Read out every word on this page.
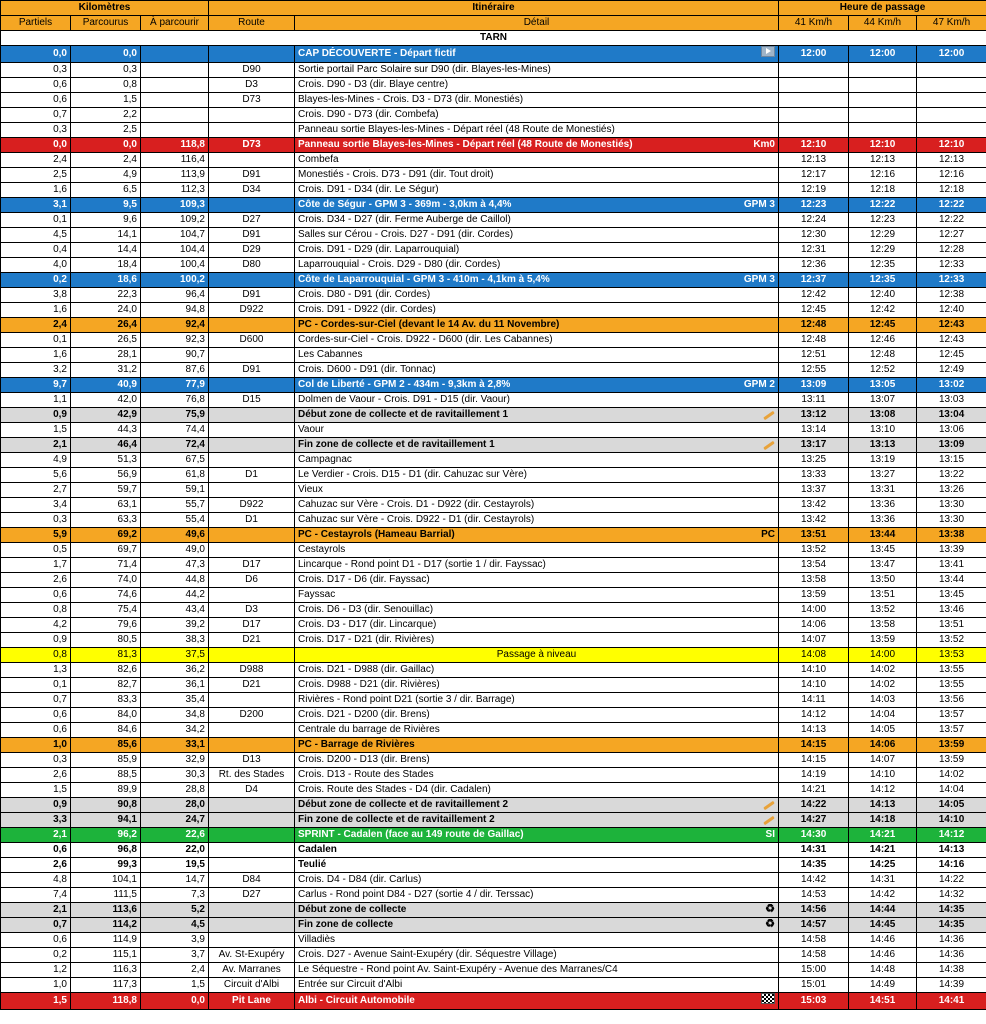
Kilomètres			Itinéraire		Heure de passage		
Partiels	Parcourus	À parcourir	Route	Détail	41 Km/h	44 Km/h	47 Km/h
TARN							
0,0	0,0			CAP DÉCOUVERTE - Départ fictif	12:00	12:00	12:00
0,3	0,3		D90	Sortie portail Parc Solaire sur D90 (dir. Blayes-les-Mines)			

0,6	0,8		D3	Crois. D90 - D3 (dir. Blaye centre)			

0,6	1,5		D73	Blayes-les-Mines - Crois. D3 - D73 (dir. Monestiés)			

0,7	2,2			Crois. D90 - D73 (dir. Combefa)			

0,3	2,5			Panneau sortie Blayes-les-Mines - Départ réel (48 Route de Monestiés)			

0,0	0,0	118,8	D73	Panneau sortie Blayes-les-Mines - Départ réel (48 Route de Monestiés) Km0	12:10	12:10	12:10
2,4	2,4	116,4		Combefa	12:13	12:13	12:13
2,5	4,9	113,9	D91	Monestiés - Crois. D73 - D91 (dir. Tout droit)	12:17	12:16	12:16
1,6	6,5	112,3	D34	Crois. D91 - D34 (dir. Le Ségur)	12:19	12:18	12:18
3,1	9,5	109,3		Côte de Ségur - GPM 3 - 369m - 3,0km à 4,4% GPM 3	12:23	12:22	12:22
0,1	9,6	109,2	D27	Crois. D34 - D27 (dir. Ferme Auberge de Caillol)	12:24	12:23	12:22
4,5	14,1	104,7	D91	Salles sur Cérou - Crois. D27 - D91 (dir. Cordes)	12:30	12:29	12:27
0,4	14,4	104,4	D29	Crois. D91 - D29 (dir. Laparrouquial)	12:31	12:29	12:28
4,0	18,4	100,4	D80	Laparrouquial - Crois. D29 - D80 (dir. Cordes)	12:36	12:35	12:33
0,2	18,6	100,2		Côte de Laparrouquial - GPM 3 - 410m - 4,1km à 5,4% GPM 3	12:37	12:35	12:33
3,8	22,3	96,4	D91	Crois. D80 - D91 (dir. Cordes)	12:42	12:40	12:38
1,6	24,0	94,8	D922	Crois. D91 - D922 (dir. Cordes)	12:45	12:42	12:40
2,4	26,4	92,4		PC - Cordes-sur-Ciel (devant le 14 Av. du 11 Novembre)	12:48	12:45	12:43
0,1	26,5	92,3	D600	Cordes-sur-Ciel - Crois. D922 - D600 (dir. Les Cabannes)	12:48	12:46	12:43
1,6	28,1	90,7		Les Cabannes	12:51	12:48	12:45
3,2	31,2	87,6	D91	Crois. D600 - D91 (dir. Tonnac)	12:55	12:52	12:49
9,7	40,9	77,9		Col de Liberté - GPM 2 - 434m - 9,3km à 2,8% GPM 2	13:09	13:05	13:02
1,1	42,0	76,8	D15	Dolmen de Vaour - Crois. D91 - D15 (dir. Vaour)	13:11	13:07	13:03
0,9	42,9	75,9		Début zone de collecte et de ravitaillement 1	13:12	13:08	13:04
1,5	44,3	74,4		Vaour	13:14	13:10	13:06
2,1	46,4	72,4		Fin zone de collecte et de ravitaillement 1	13:17	13:13	13:09
4,9	51,3	67,5		Campagnac	13:25	13:19	13:15
5,6	56,9	61,8	D1	Le Verdier - Crois. D15 - D1 (dir. Cahuzac sur Vère)	13:33	13:27	13:22
2,7	59,7	59,1		Vieux	13:37	13:31	13:26
3,4	63,1	55,7	D922	Cahuzac sur Vère - Crois. D1 - D922 (dir. Cestayrols)	13:42	13:36	13:30
0,3	63,3	55,4	D1	Cahuzac sur Vère - Crois. D922 - D1 (dir. Cestayrols)	13:42	13:36	13:30
5,9	69,2	49,6		PC - Cestayrols (Hameau Barrial) PC	13:51	13:44	13:38
0,5	69,7	49,0		Cestayrols	13:52	13:45	13:39
1,7	71,4	47,3	D17	Lincarque - Rond point D1 - D17 (sortie 1 / dir. Fayssac)	13:54	13:47	13:41
2,6	74,0	44,8	D6	Crois. D17 - D6 (dir. Fayssac)	13:58	13:50	13:44
0,6	74,6	44,2		Fayssac	13:59	13:51	13:45
0,8	75,4	43,4	D3	Crois. D6 - D3 (dir. Senouillac)	14:00	13:52	13:46
4,2	79,6	39,2	D17	Crois. D3 - D17 (dir. Lincarque)	14:06	13:58	13:51
0,9	80,5	38,3	D21	Crois. D17 - D21 (dir. Rivières)	14:07	13:59	13:52
0,8	81,3	37,5		Passage à niveau	14:08	14:00	13:53
1,3	82,6	36,2	D988	Crois. D21 - D988 (dir. Gaillac)	14:10	14:02	13:55
0,1	82,7	36,1	D21	Crois. D988 - D21 (dir. Rivières)	14:10	14:02	13:55
0,7	83,3	35,4		Rivières - Rond point D21 (sortie 3 / dir. Barrage)	14:11	14:03	13:56
0,6	84,0	34,8	D200	Crois. D21 - D200 (dir. Brens)	14:12	14:04	13:57
0,6	84,6	34,2		Centrale du barrage de Rivières	14:13	14:05	13:57
1,0	85,6	33,1		PC - Barrage de Rivières	14:15	14:06	13:59
0,3	85,9	32,9	D13	Crois. D200 - D13 (dir. Brens)	14:15	14:07	13:59
2,6	88,5	30,3	Rt. des Stades	Crois. D13 - Route des Stades	14:19	14:10	14:02
1,5	89,9	28,8	D4	Crois. Route des Stades - D4 (dir. Cadalen)	14:21	14:12	14:04
0,9	90,8	28,0		Début zone de collecte et de ravitaillement 2	14:22	14:13	14:05
3,3	94,1	24,7		Fin zone de collecte et de ravitaillement 2	14:27	14:18	14:10
2,1	96,2	22,6		SPRINT - Cadalen (face au 149 route de Gaillac) SI	14:30	14:21	14:12
0,6	96,8	22,0		Cadalen	14:31	14:21	14:13
2,6	99,3	19,5		Teulié	14:35	14:25	14:16
4,8	104,1	14,7	D84	Crois. D4 - D84 (dir. Carlus)	14:42	14:31	14:22
7,4	111,5	7,3	D27	Carlus - Rond point D84 - D27 (sortie 4 / dir. Terssac)	14:53	14:42	14:32
2,1	113,6	5,2		Début zone de collecte ♻	14:56	14:44	14:35
0,7	114,2	4,5		Fin zone de collecte ♻	14:57	14:45	14:35
0,6	114,9	3,9		Villadiès	14:58	14:46	14:36
0,2	115,1	3,7	Av. St-Exupéry	Crois. D27 - Avenue Saint-Exupéry (dir. Séquestre Village)	14:58	14:46	14:36
1,2	116,3	2,4	Av. Marranes	Le Séquestre - Rond point Av. Saint-Exupéry - Avenue des Marranes/C4	15:00	14:48	14:38
1,0	117,3	1,5	Circuit d'Albi	Entrée sur Circuit d'Albi	15:01	14:49	14:39
1,5	118,8	0,0	Pit Lane	Albi - Circuit Automobile	15:03	14:51	14:41
